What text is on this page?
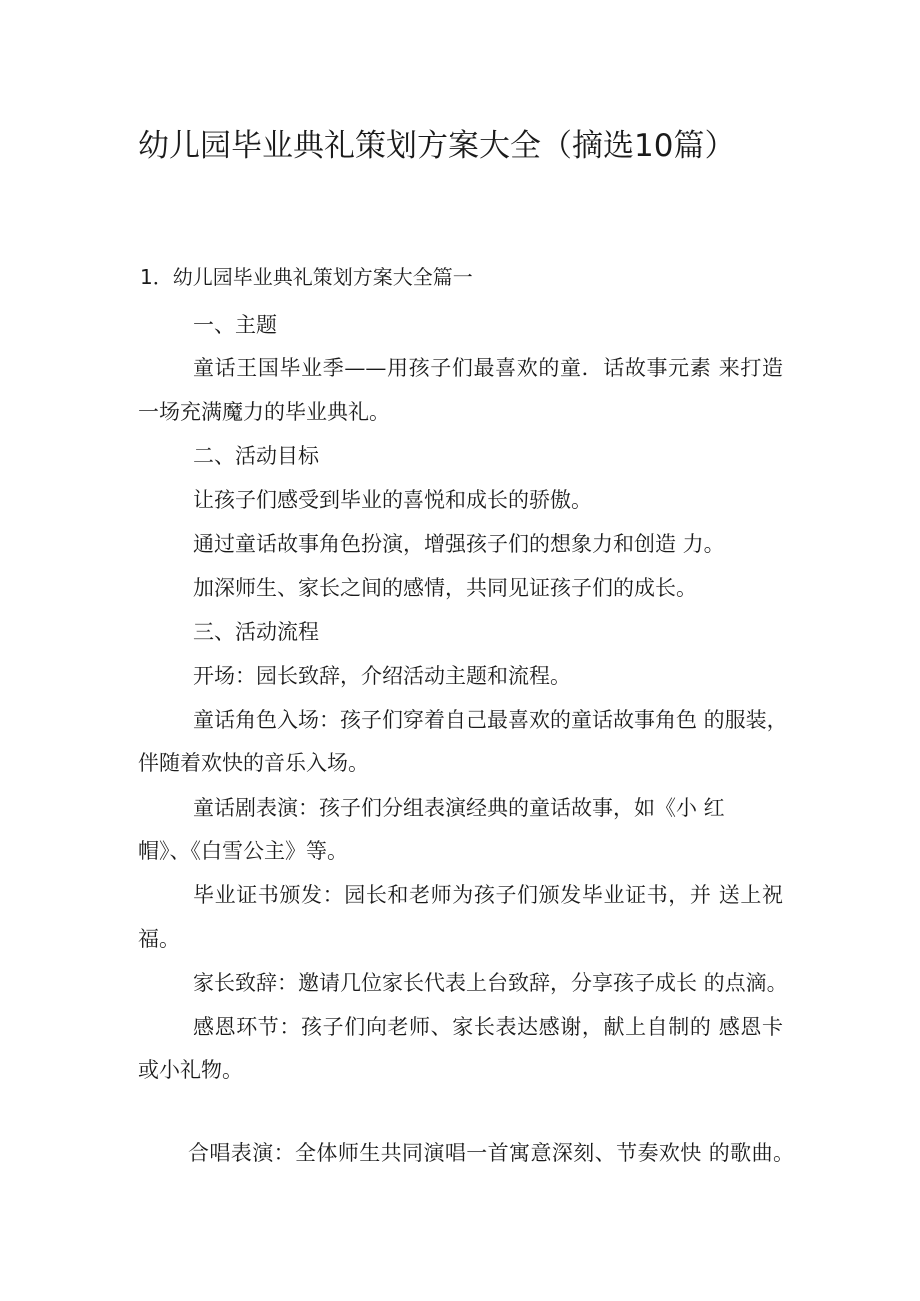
幼儿园毕业典礼策划方案大全（摘选10篇）

1．幼儿园毕业典礼策划方案大全篇一

一、主题

童话王国毕业季——用孩子们最喜欢的童．话故事元素 来打造

一场充满魔力的毕业典礼。

二、活动目标

让孩子们感受到毕业的喜悦和成长的骄傲。

通过童话故事角色扮演，增强孩子们的想象力和创造 力。

加深师生、家长之间的感情，共同见证孩子们的成长。

三、活动流程

开场：园长致辞，介绍活动主题和流程。

童话角色入场：孩子们穿着自己最喜欢的童话故事角色 的服装，

伴随着欢快的音乐入场。

童话剧表演：孩子们分组表演经典的童话故事，如《小 红

帽》、《白雪公主》等。

毕业证书颁发：园长和老师为孩子们颁发毕业证书，并 送上祝

福。

家长致辞：邀请几位家长代表上台致辞，分享孩子成长 的点滴。

感恩环节：孩子们向老师、家长表达感谢，献上自制的 感恩卡

或小礼物。

合唱表演：全体师生共同演唱一首寓意深刻、节奏欢快 的歌曲。
